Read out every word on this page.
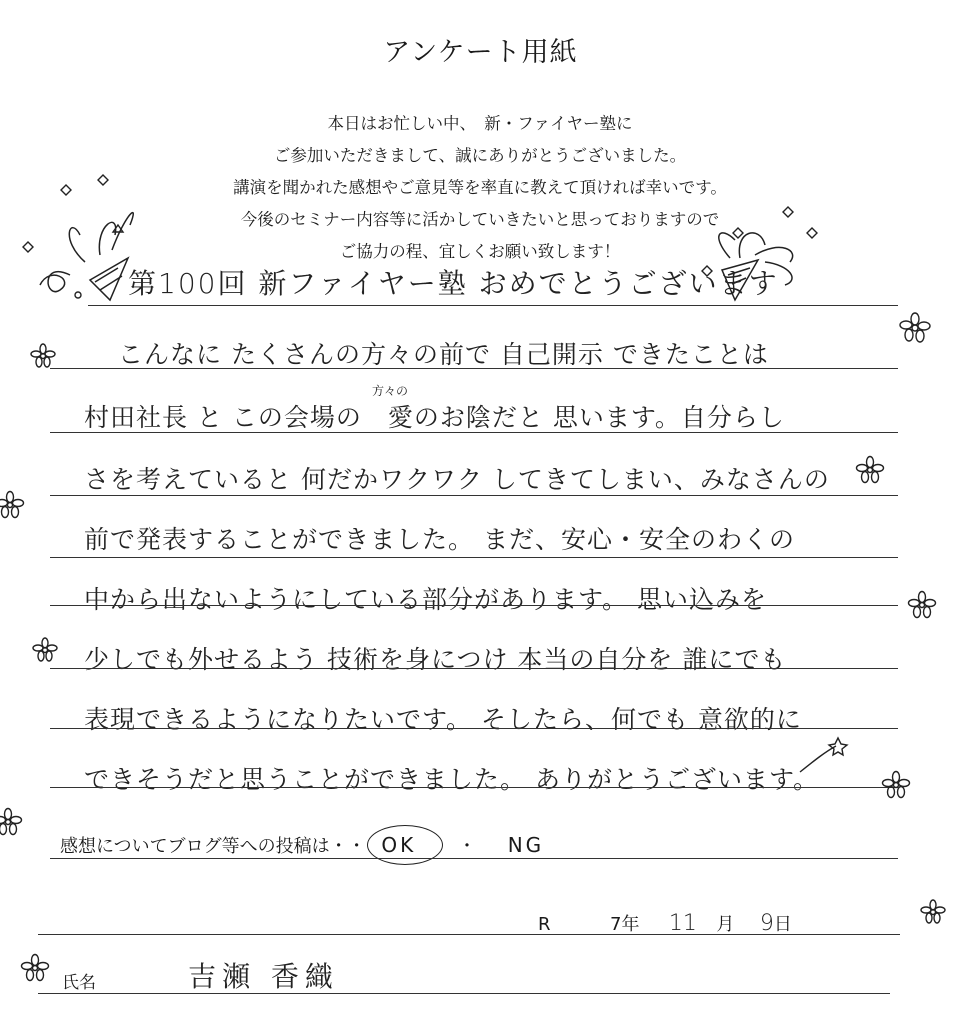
アンケート用紙
本日はお忙しい中、　新・ファイヤー塾に
ご参加いただきまして、誠にありがとうございました。
講演を聞かれた感想やご意見等を率直に教えて頂ければ幸いです。
今後のセミナー内容等に活かしていきたいと思っておりますので
ご協力の程、宜しくお願い致します！
第100回 新ファイヤー塾 おめでとうございます
方々の
こんなに たくさんの方々の前で 自己開示 できたことは
村田社長 と この会場の　愛のお陰だと 思います。自分らし
さを考えていると 何だかワクワク してきてしまい、みなさんの
前で発表することができました。 まだ、安心・安全のわくの
中から出ないようにしている部分があります。 思い込みを
少しでも外せるよう 技術を身につけ 本当の自分を 誰にでも
表現できるようになりたいです。 そしたら、何でも 意欲的に
できそうだと思うことができました。 ありがとうございます。
感想についてブログ等への投稿は・・ OK ・ NG
R	7年 11 月 9日
氏名	吉瀬 香織
